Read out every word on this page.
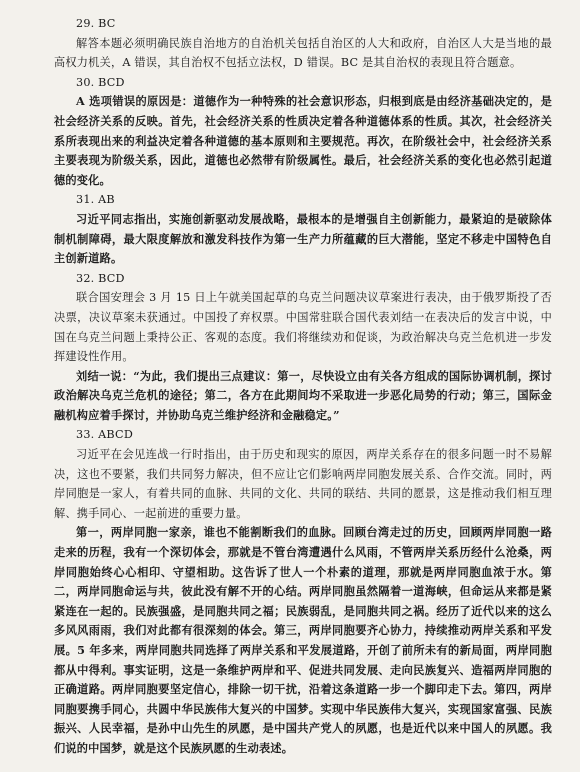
29. BC

解答本题必须明确民族自治地方的自治机关包括自治区的人大和政府，自治区人大是当地的最高权力机关，A 错误，其自治权不包括立法权，D 错误。BC 是其自治权的表现且符合题意。

30. BCD

A 选项错误的原因是：道德作为一种特殊的社会意识形态，归根到底是由经济基础决定的，是社会经济关系的反映。首先，社会经济关系的性质决定着各种道德体系的性质。其次，社会经济关系所表现出来的利益决定着各种道德的基本原则和主要规范。再次，在阶级社会中，社会经济关系主要表现为阶级关系，因此，道德也必然带有阶级属性。最后，社会经济关系的变化也必然引起道德的变化。

31. AB

习近平同志指出，实施创新驱动发展战略，最根本的是增强自主创新能力，最紧迫的是破除体制机制障碍，最大限度解放和激发科技作为第一生产力所蕴藏的巨大潜能，坚定不移走中国特色自主创新道路。

32. BCD

联合国安理会 3 月 15 日上午就美国起草的乌克兰问题决议草案进行表决，由于俄罗斯投了否决票，决议草案未获通过。中国投了弃权票。中国常驻联合国代表刘结一在表决后的发言中说，中国在乌克兰问题上秉持公正、客观的态度。我们将继续劝和促谈，为政治解决乌克兰危机进一步发挥建设性作用。

刘结一说：“为此，我们提出三点建议：第一，尽快设立由有关各方组成的国际协调机制，探讨政治解决乌克兰危机的途径；第二，各方在此期间均不采取进一步恶化局势的行动；第三，国际金融机构应着手探讨，并协助乌克兰维护经济和金融稳定。”

33. ABCD

习近平在会见连战一行时指出，由于历史和现实的原因，两岸关系存在的很多问题一时不易解决，这也不要紧，我们共同努力解决，但不应让它们影响两岸同胞发展关系、合作交流。同时，两岸同胞是一家人，有着共同的血脉、共同的文化、共同的联结、共同的愿景，这是推动我们相互理解、携手同心、一起前进的重要力量。

第一，两岸同胞一家亲，谁也不能割断我们的血脉。回顾台湾走过的历史，回顾两岸同胞一路走来的历程，我有一个深切体会，那就是不管台湾遭遇什么风雨，不管两岸关系历经什么沧桑，两岸同胞始终心心相印、守望相助。这告诉了世人一个朴素的道理，那就是两岸同胞血浓于水。第二，两岸同胞命运与共，彼此没有解不开的心结。两岸同胞虽然隔着一道海峡，但命运从来都是紧紧连在一起的。民族强盛，是同胞共同之福；民族弱乱，是同胞共同之祸。经历了近代以来的这么多风风雨雨，我们对此都有很深刻的体会。第三，两岸同胞要齐心协力，持续推动两岸关系和平发展。5 年多来，两岸同胞共同选择了两岸关系和平发展道路，开创了前所未有的新局面，两岸同胞都从中得利。事实证明，这是一条维护两岸和平、促进共同发展、走向民族复兴、造福两岸同胞的正确道路。两岸同胞要坚定信心，排除一切干扰，沿着这条道路一步一个脚印走下去。第四，两岸同胞要携手同心，共圆中华民族伟大复兴的中国梦。实现中华民族伟大复兴，实现国家富强、民族振兴、人民幸福，是孙中山先生的夙愿，是中国共产党人的夙愿，也是近代以来中国人的夙愿。我们说的中国梦，就是这个民族夙愿的生动表述。
